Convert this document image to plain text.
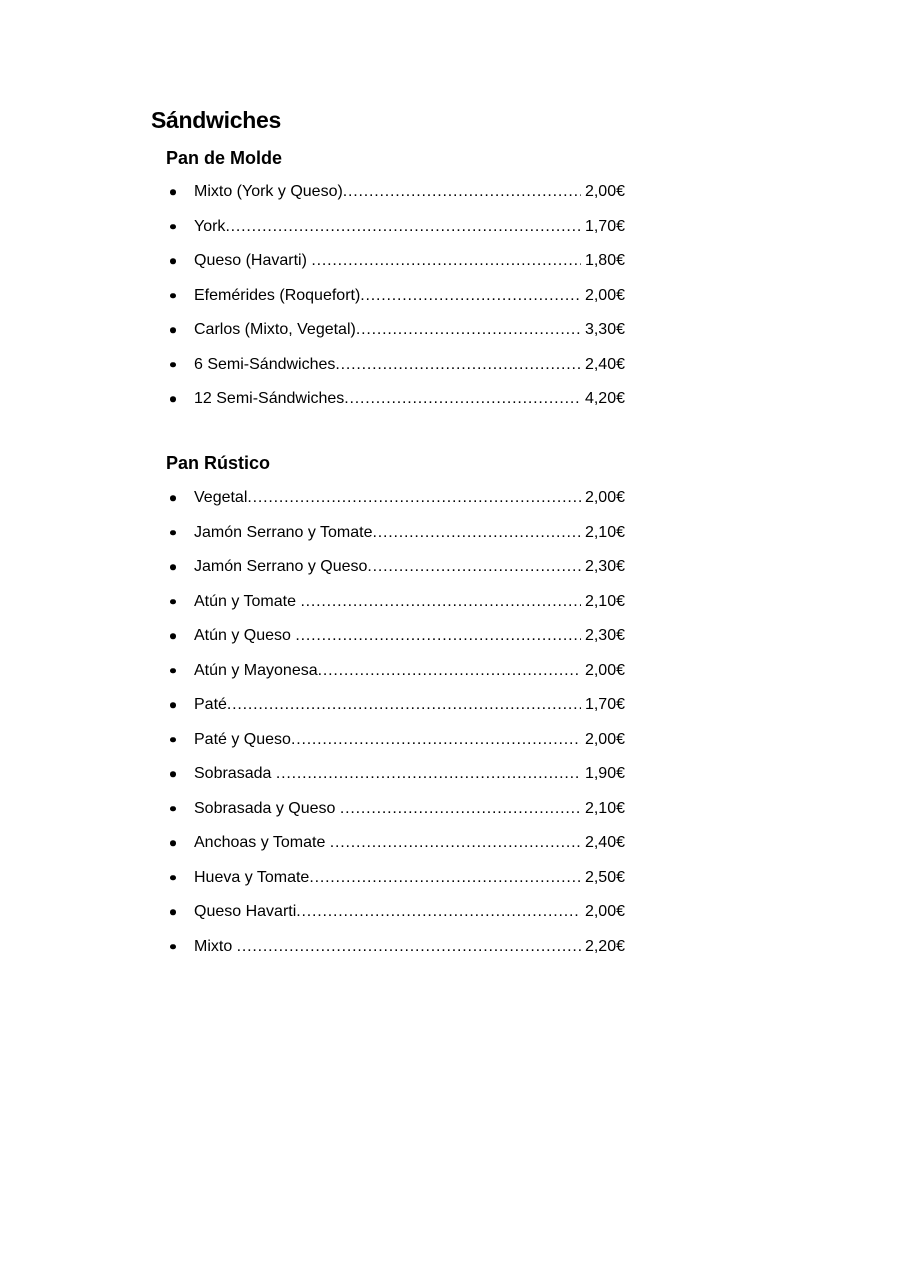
Sándwiches
Pan de Molde
Mixto (York y Queso) .....	2,00€
York .....	1,70€
Queso (Havarti) .....	1,80€
Efemérides (Roquefort) .....	2,00€
Carlos (Mixto, Vegetal) .....	3,30€
6 Semi-Sándwiches .....	2,40€
12 Semi-Sándwiches .....	4,20€
Pan Rústico
Vegetal .....	2,00€
Jamón Serrano y Tomate .....	2,10€
Jamón Serrano y Queso .....	2,30€
Atún y Tomate .....	2,10€
Atún y Queso .....	2,30€
Atún y Mayonesa .....	2,00€
Paté .....	1,70€
Paté y Queso .....	2,00€
Sobrasada .....	1,90€
Sobrasada y Queso .....	2,10€
Anchoas y Tomate .....	2,40€
Hueva y Tomate .....	2,50€
Queso Havarti .....	2,00€
Mixto .....	2,20€
